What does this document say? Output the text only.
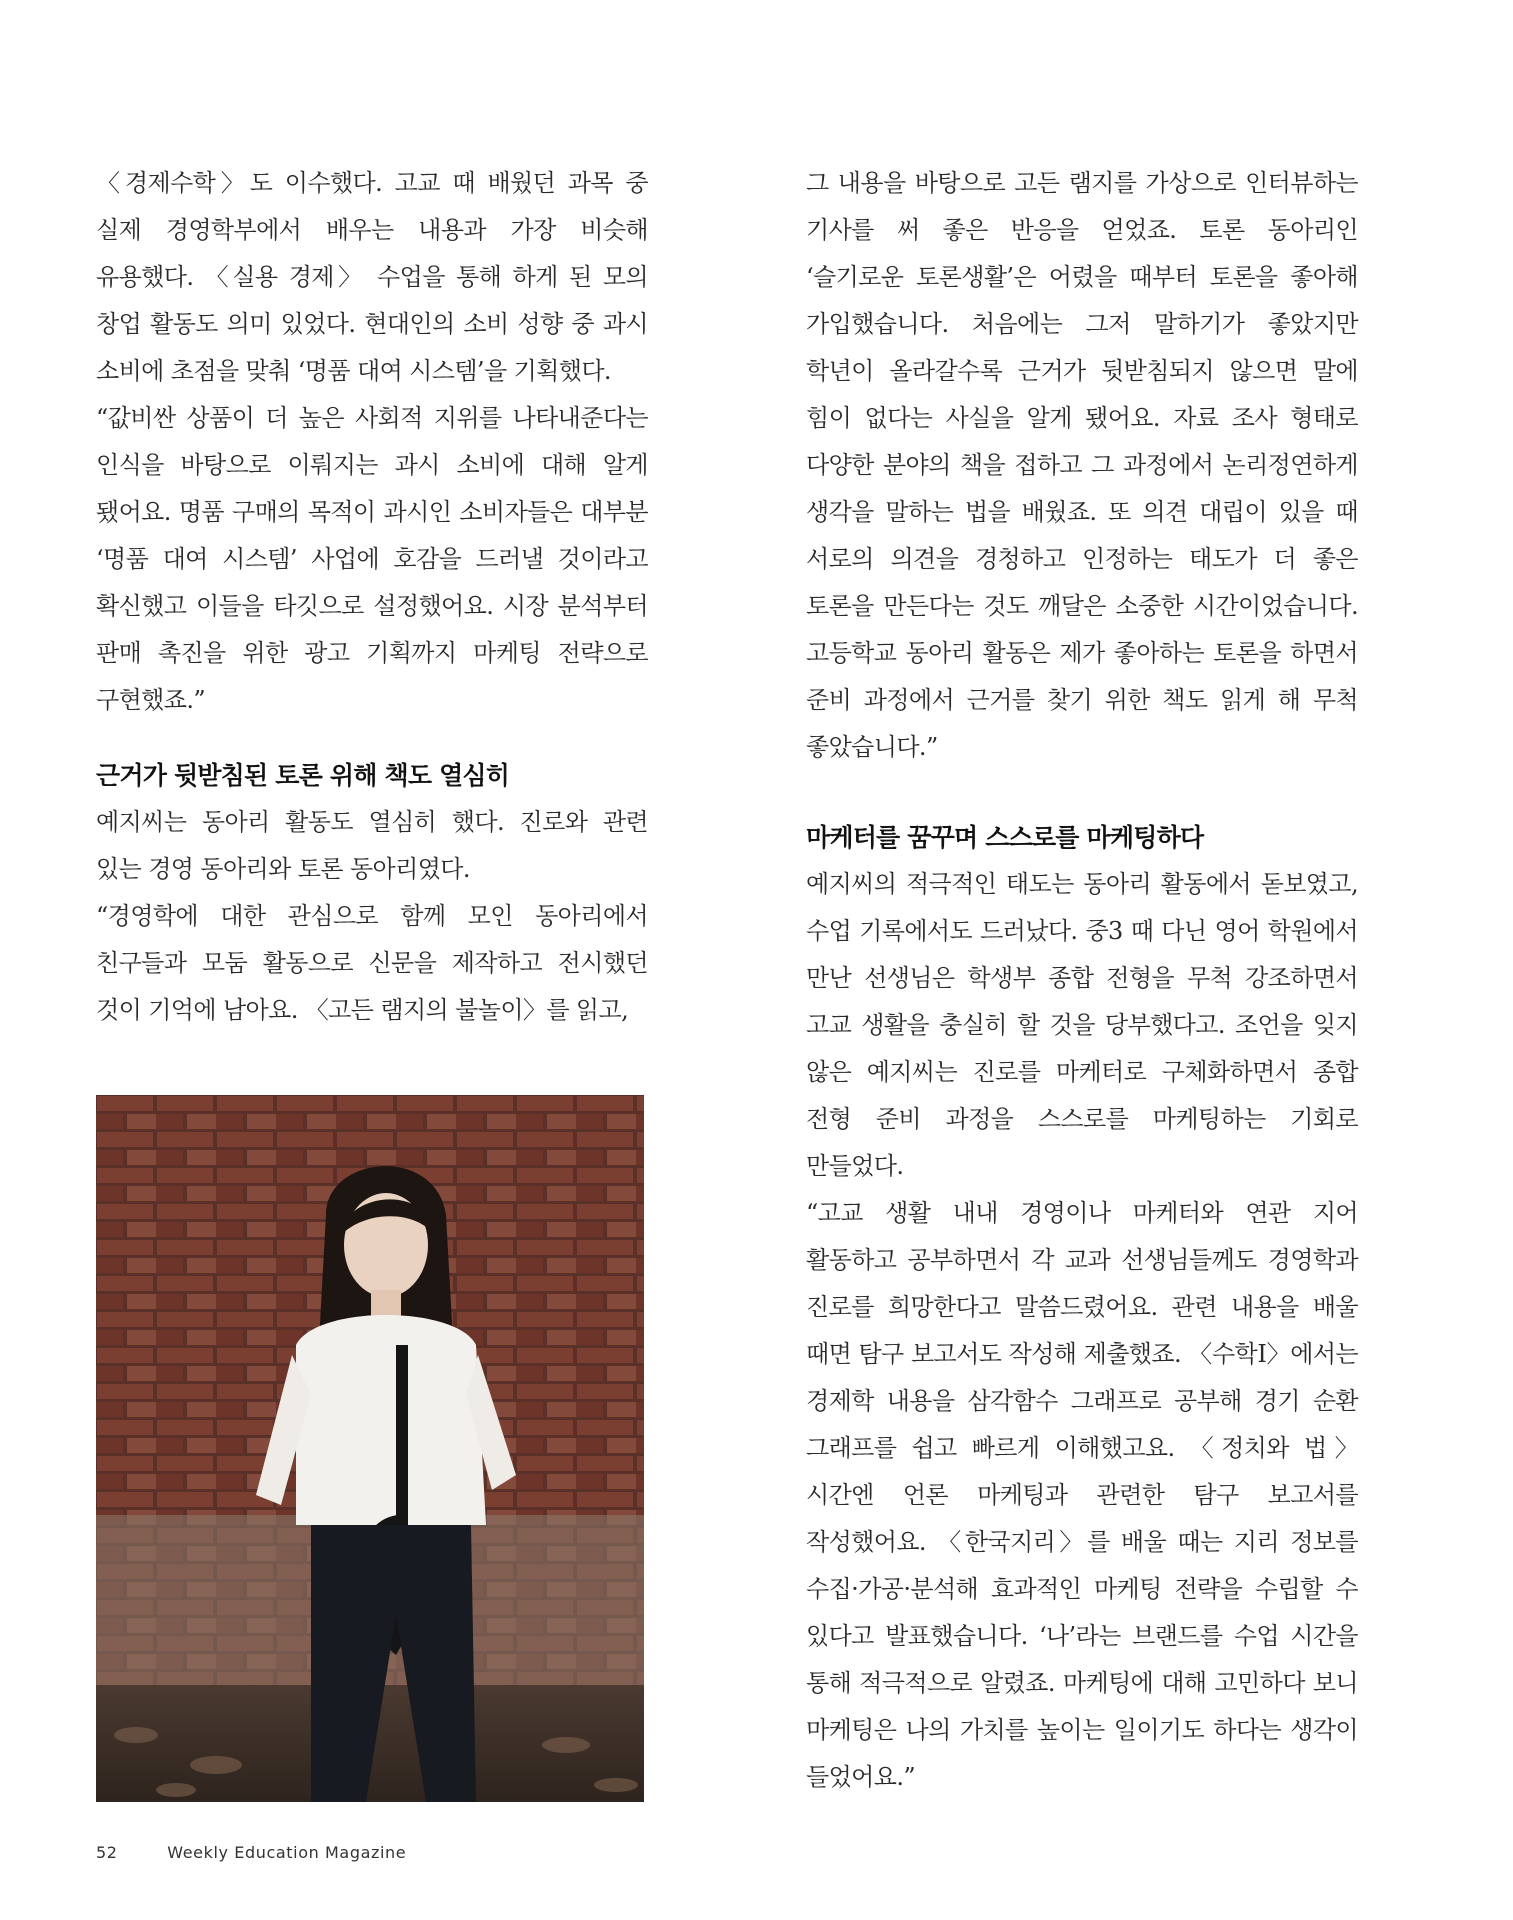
〈경제수학〉도 이수했다. 고교 때 배웠던 과목 중 실제 경영학부에서 배우는 내용과 가장 비슷해 유용했다. 〈실용 경제〉 수업을 통해 하게 된 모의 창업 활동도 의미 있었다. 현대인의 소비 성향 중 과시 소비에 초점을 맞춰 ‘명품 대여 시스템’을 기획했다.

“값비싼 상품이 더 높은 사회적 지위를 나타내준다는 인식을 바탕으로 이뤄지는 과시 소비에 대해 알게 됐어요. 명품 구매의 목적이 과시인 소비자들은 대부분 ‘명품 대여 시스템’ 사업에 호감을 드러낼 것이라고 확신했고 이들을 타깃으로 설정했어요. 시장 분석부터 판매 촉진을 위한 광고 기획까지 마케팅 전략으로 구현했죠.”

근거가 뒷받침된 토론 위해 책도 열심히

예지씨는 동아리 활동도 열심히 했다. 진로와 관련 있는 경영 동아리와 토론 동아리였다.

“경영학에 대한 관심으로 함께 모인 동아리에서 친구들과 모둠 활동으로 신문을 제작하고 전시했던 것이 기억에 남아요. 〈고든 램지의 불놀이〉를 읽고,

그 내용을 바탕으로 고든 램지를 가상으로 인터뷰하는 기사를 써 좋은 반응을 얻었죠. 토론 동아리인 ‘슬기로운 토론생활’은 어렸을 때부터 토론을 좋아해 가입했습니다. 처음에는 그저 말하기가 좋았지만 학년이 올라갈수록 근거가 뒷받침되지 않으면 말에 힘이 없다는 사실을 알게 됐어요. 자료 조사 형태로 다양한 분야의 책을 접하고 그 과정에서 논리정연하게 생각을 말하는 법을 배웠죠. 또 의견 대립이 있을 때 서로의 의견을 경청하고 인정하는 태도가 더 좋은 토론을 만든다는 것도 깨달은 소중한 시간이었습니다. 고등학교 동아리 활동은 제가 좋아하는 토론을 하면서 준비 과정에서 근거를 찾기 위한 책도 읽게 해 무척 좋았습니다.”

마케터를 꿈꾸며 스스로를 마케팅하다

예지씨의 적극적인 태도는 동아리 활동에서 돋보였고, 수업 기록에서도 드러났다. 중3 때 다닌 영어 학원에서 만난 선생님은 학생부 종합 전형을 무척 강조하면서 고교 생활을 충실히 할 것을 당부했다고. 조언을 잊지 않은 예지씨는 진로를 마케터로 구체화하면서 종합 전형 준비 과정을 스스로를 마케팅하는 기회로 만들었다.

“고교 생활 내내 경영이나 마케터와 연관 지어 활동하고 공부하면서 각 교과 선생님들께도 경영학과 진로를 희망한다고 말씀드렸어요. 관련 내용을 배울 때면 탐구 보고서도 작성해 제출했죠. 〈수학Ⅰ〉에서는 경제학 내용을 삼각함수 그래프로 공부해 경기 순환 그래프를 쉽고 빠르게 이해했고요. 〈정치와 법〉 시간엔 언론 마케팅과 관련한 탐구 보고서를 작성했어요. 〈한국지리〉를 배울 때는 지리 정보를 수집·가공·분석해 효과적인 마케팅 전략을 수립할 수 있다고 발표했습니다. ‘나’라는 브랜드를 수업 시간을 통해 적극적으로 알렸죠. 마케팅에 대해 고민하다 보니 마케팅은 나의 가치를 높이는 일이기도 하다는 생각이 들었어요.”

52	Weekly Education Magazine
